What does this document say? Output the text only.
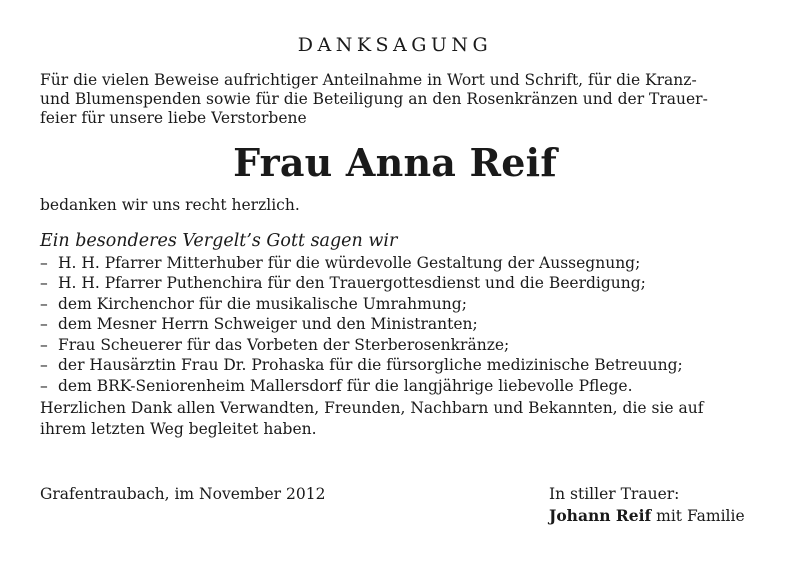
DANKSAGUNG

Für die vielen Beweise aufrichtiger Anteilnahme in Wort und Schrift, für die Kranz-
und Blumenspenden sowie für die Beteiligung an den Rosenkränzen und der Trauer-
feier für unsere liebe Verstorbene

Frau Anna Reif

bedanken wir uns recht herzlich.

Ein besonderes Vergelt’s Gott sagen wir
– H. H. Pfarrer Mitterhuber für die würdevolle Gestaltung der Aussegnung;
– H. H. Pfarrer Puthenchira für den Trauergottesdienst und die Beerdigung;
– dem Kirchenchor für die musikalische Umrahmung;
– dem Mesner Herrn Schweiger und den Ministranten;
– Frau Scheuerer für das Vorbeten der Sterberosenkränze;
– der Hausärztin Frau Dr. Prohaska für die fürsorgliche medizinische Betreuung;
– dem BRK-Seniorenheim Mallersdorf für die langjährige liebevolle Pflege.

Herzlichen Dank allen Verwandten, Freunden, Nachbarn und Bekannten, die sie auf
ihrem letzten Weg begleitet haben.

Grafentraubach, im November 2012	In stiller Trauer:
Johann Reif mit Familie
